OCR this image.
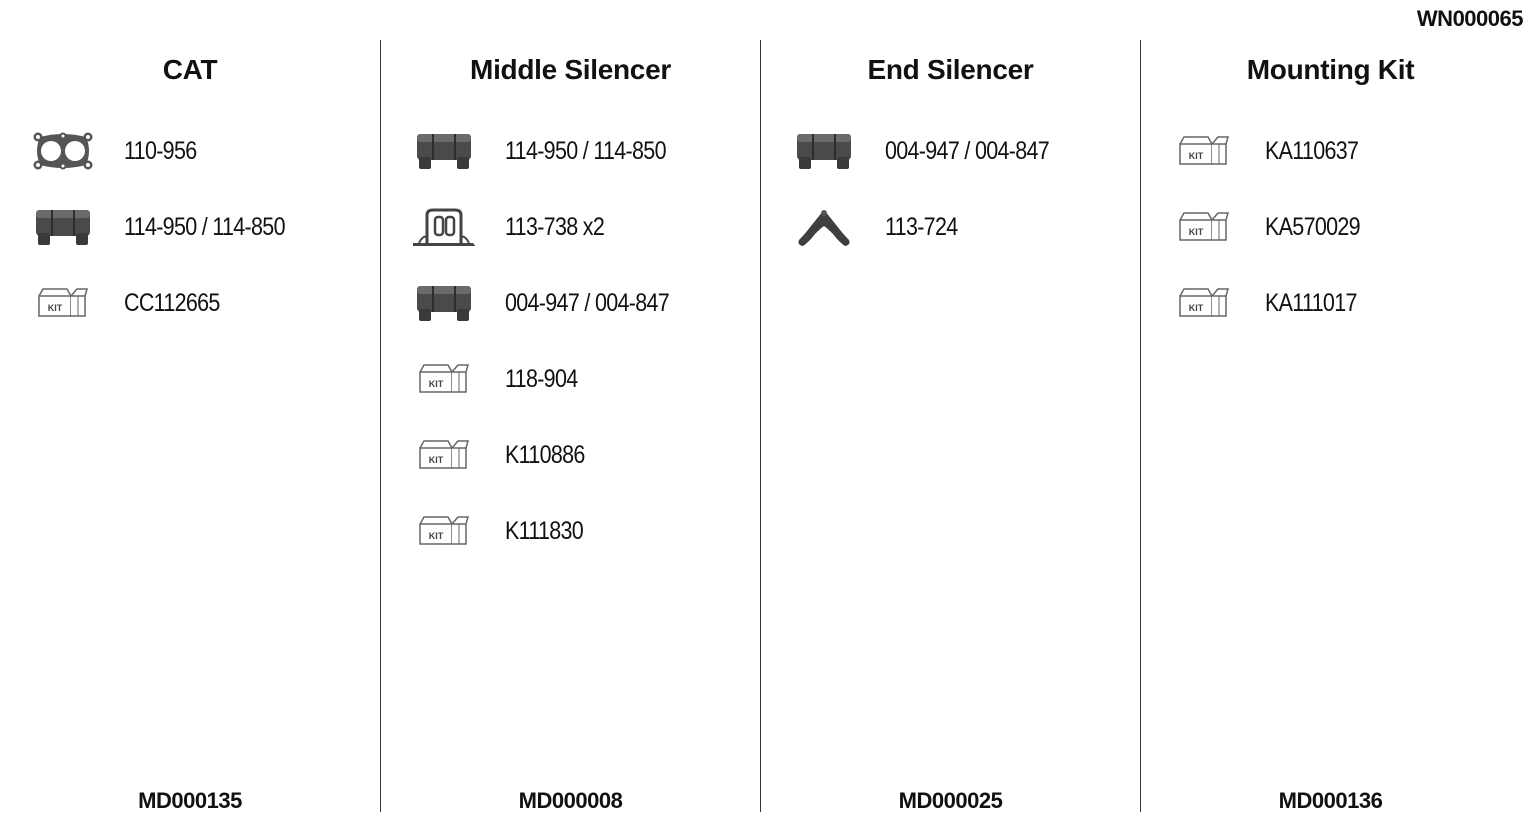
WN000065
CAT
110-956
114-950 / 114-850
KIT CC112665
MD000135
Middle Silencer
114-950 / 114-850
113-738 x2
004-947 / 004-847
KIT 118-904
KIT K110886
KIT K111830
MD000008
End Silencer
004-947 / 004-847
113-724
MD000025
Mounting Kit
KIT KA110637
KIT KA570029
KIT KA111017
MD000136
